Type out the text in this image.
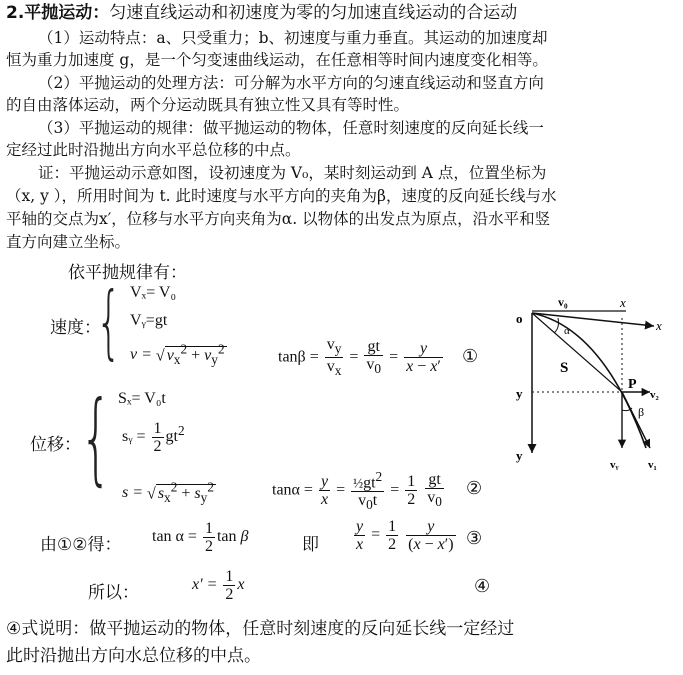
2.平抛运动：匀速直线运动和初速度为零的匀加速直线运动的合运动
（1）运动特点：a、只受重力；b、初速度与重力垂直。其运动的加速度却
恒为重力加速度 g，是一个匀变速曲线运动，在任意相等时间内速度变化相等。
（2）平抛运动的处理方法：可分解为水平方向的匀速直线运动和竖直方向
的自由落体运动，两个分运动既具有独立性又具有等时性。
（3）平抛运动的规律：做平抛运动的物体，任意时刻速度的反向延长线一
定经过此时沿抛出方向水平总位移的中点。
证：平抛运动示意如图，设初速度为 V₀，某时刻运动到 A 点，位置坐标为
（x, y ），所用时间为 t. 此时速度与水平方向的夹角为β，速度的反向延长线与水
平轴的交点为x′，位移与水平方向夹角为α. 以物体的出发点为原点，沿水平和竖
直方向建立坐标。
依平抛规律有：
速度：
{ Vₓ= V₀
Vᵧ=gt
v = √ $v_x^2 + v_y^2$	$\tan\beta = \frac{v_y}{v_x} = \frac{gt}{v_0} = \frac{y}{x - x'}$ ①
位移： { Sₓ= V₀t
sᵧ = $\frac{1}{2} gt^2$
s = √ $s_x^2 + s_y^2$	$\tan\alpha = \frac{y}{x} = \frac{\frac{1}{2}gt^2}{v_0t} = \frac{1}{2}$
$\frac{gt}{v_0}$ ②
由①②得： $\tan \alpha = \frac{1}{2}$ tan β	即 $\frac{y}{x} = \frac{1}{2}$
$\frac{y}{(x - x')}$ ③
所以：	$x' = \frac{1}{2}$ x	④
④式说明：做平抛运动的物体，任意时刻速度的反向延长线一定经过
此时沿抛出方向水总位移的中点。
o
v₀	x
x
α
S
P
v₂
β
y
y
vᵧ	v₁
